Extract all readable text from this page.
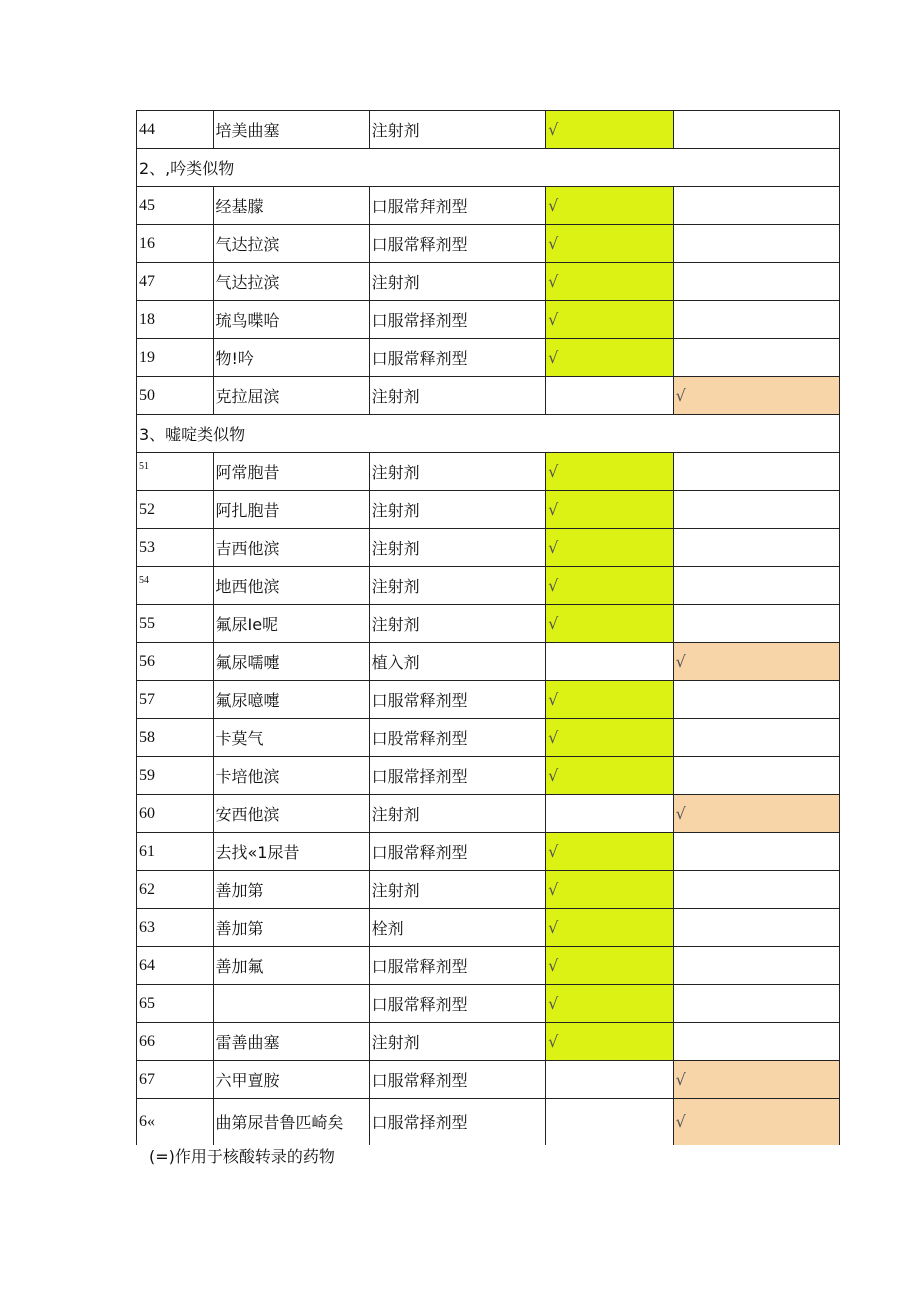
44	培美曲塞	注射剂	√	
2、,吟类似物				
45	经基朦	口服常拜剂型	√	
16	气达拉滨	口服常释剂型	√	
47	气达拉滨	注射剂	√	
18	琉鸟喋哈	口服常择剂型	√	
19	物!吟	口服常释剂型	√	
50	克拉屈滨	注射剂		√
3、嘘啶类似物				
51	阿常胞昔	注射剂	√	
52	阿扎胞昔	注射剂	√	
53	吉西他滨	注射剂	√	
54	地西他滨	注射剂	√	
55	氟尿Ie呢	注射剂	√	
56	氟尿嚅嚏	植入剂		√
57	氟尿噫嚏	口服常释剂型	√	
58	卡莫气	口股常释剂型	√	
59	卡培他滨	口服常择剂型	√	
60	安西他滨	注射剂		√
61	去找«1尿昔	口服常释剂型	√	
62	善加第	注射剂	√	
63	善加第	栓剂	√	
64	善加氟	口服常释剂型	√	
65		口服常释剂型	√	
66	雷善曲塞	注射剂	√	
67	六甲亶胺	口服常释剂型		√
6«	曲第尿昔鲁匹崎矣	口服常择剂型		√
(=)作用于核酸转录的药物
